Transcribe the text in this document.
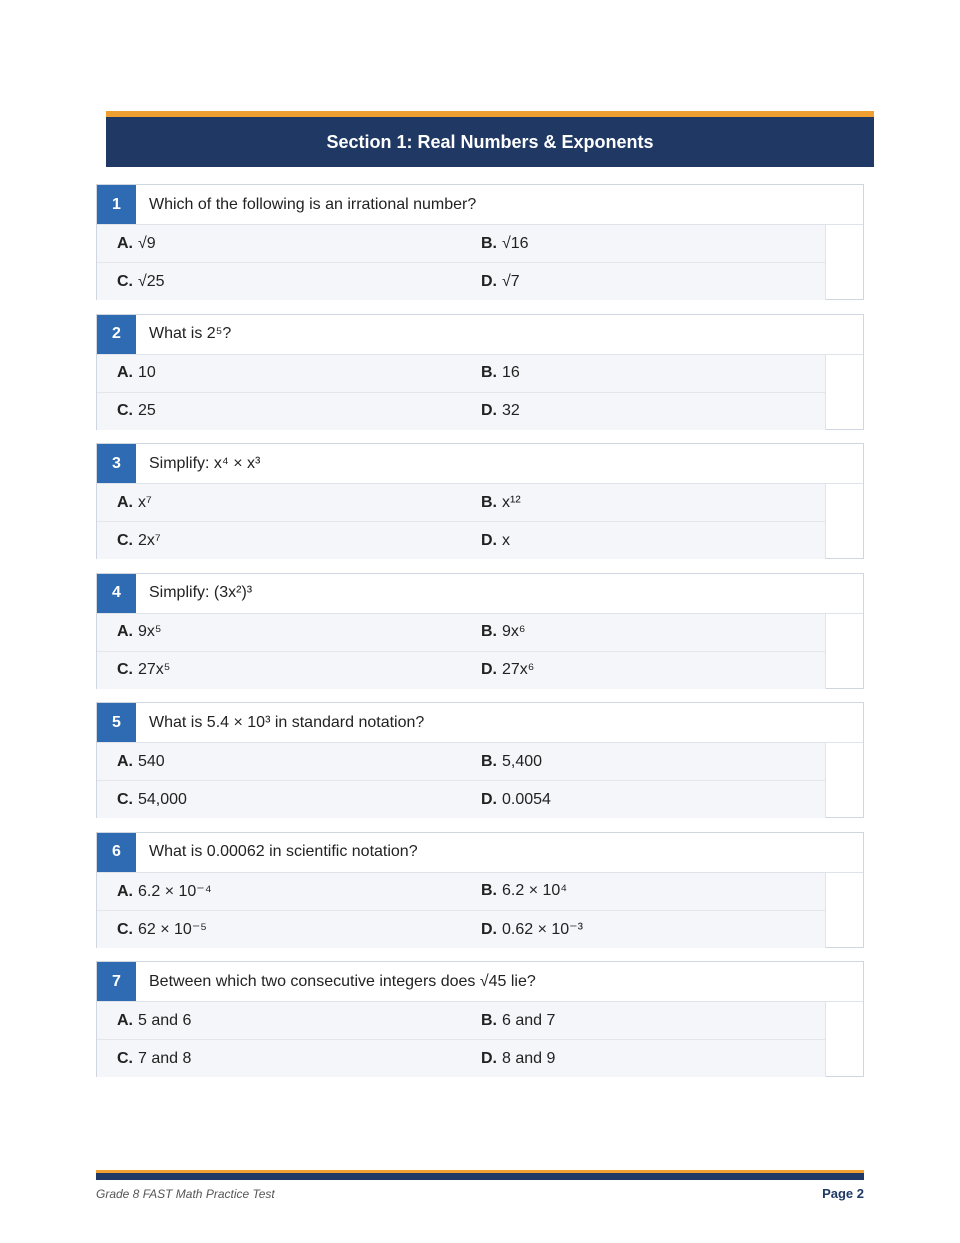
Section 1: Real Numbers & Exponents
1	Which of the following is an irrational number?
A. √9	B. √16
C. √25	D. √7
2	What is 2⁵?
A. 10	B. 16
C. 25	D. 32
3	Simplify: x⁴ × x³
A. x⁷	B. x¹²
C. 2x⁷	D. x
4	Simplify: (3x²)³
A. 9x⁵	B. 9x⁶
C. 27x⁵	D. 27x⁶
5	What is 5.4 × 10³ in standard notation?
A. 540	B. 5,400
C. 54,000	D. 0.0054
6	What is 0.00062 in scientific notation?
A. 6.2 × 10⁻⁴	B. 6.2 × 10⁴
C. 62 × 10⁻⁵	D. 0.62 × 10⁻³
7	Between which two consecutive integers does √45 lie?
A. 5 and 6	B. 6 and 7
C. 7 and 8	D. 8 and 9
Grade 8 FAST Math Practice Test	Page 2
